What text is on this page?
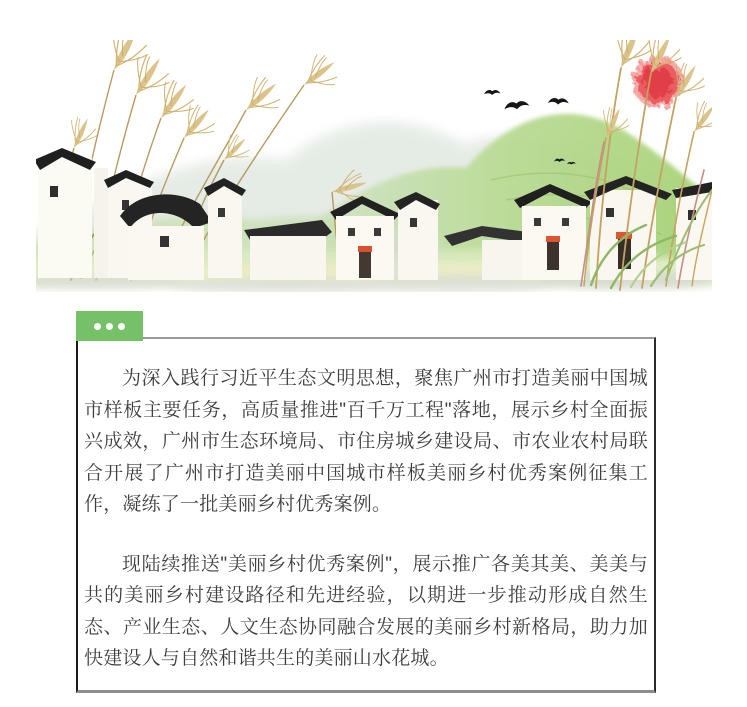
为深入践行习近平生态文明思想，聚焦广州市打造美丽中国城市样板主要任务，高质量推进"百千万工程"落地，展示乡村全面振兴成效，广州市生态环境局、市住房城乡建设局、市农业农村局联合开展了广州市打造美丽中国城市样板美丽乡村优秀案例征集工作，凝练了一批美丽乡村优秀案例。

现陆续推送"美丽乡村优秀案例"，展示推广各美其美、美美与共的美丽乡村建设路径和先进经验，以期进一步推动形成自然生态、产业生态、人文生态协同融合发展的美丽乡村新格局，助力加快建设人与自然和谐共生的美丽山水花城。
